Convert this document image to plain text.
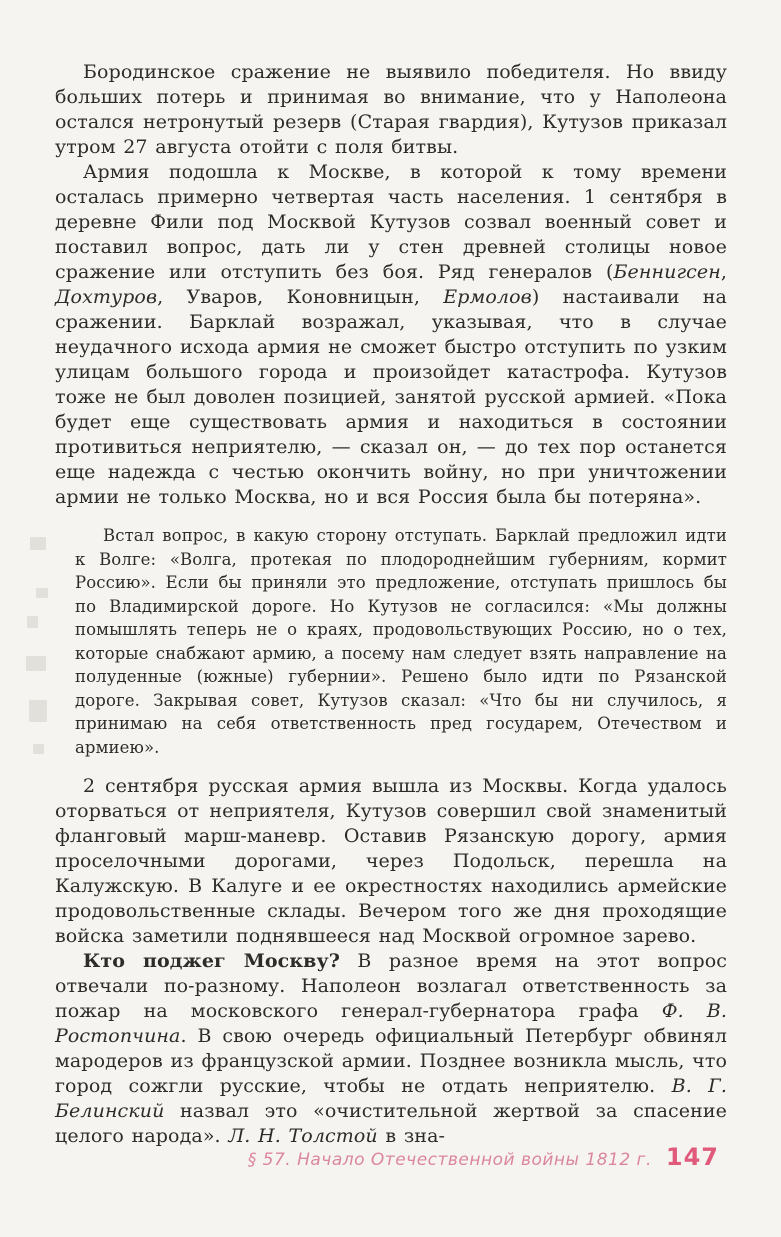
Бородинское сражение не выявило победителя. Но ввиду больших потерь и принимая во внимание, что у Наполеона остался нетронутый резерв (Старая гвардия), Кутузов приказал утром 27 августа отойти с поля битвы.

Армия подошла к Москве, в которой к тому времени осталась примерно четвертая часть населения. 1 сентября в деревне Фили под Москвой Кутузов созвал военный совет и поставил вопрос, дать ли у стен древней столицы новое сражение или отступить без боя. Ряд генералов (Беннигсен, Дохтуров, Уваров, Коновницын, Ермолов) настаивали на сражении. Барклай возражал, указывая, что в случае неудачного исхода армия не сможет быстро отступить по узким улицам большого города и произойдет катастрофа. Кутузов тоже не был доволен позицией, занятой русской армией. «Пока будет еще существовать армия и находиться в состоянии противиться неприятелю, — сказал он, — до тех пор останется еще надежда с честью окончить войну, но при уничтожении армии не только Москва, но и вся Россия была бы потеряна».

Встал вопрос, в какую сторону отступать. Барклай предложил идти к Волге: «Волга, протекая по плодороднейшим губерниям, кормит Россию». Если бы приняли это предложение, отступать пришлось бы по Владимирской дороге. Но Кутузов не согласился: «Мы должны помышлять теперь не о краях, продовольствующих Россию, но о тех, которые снабжают армию, а посему нам следует взять направление на полуденные (южные) губернии». Решено было идти по Рязанской дороге. Закрывая совет, Кутузов сказал: «Что бы ни случилось, я принимаю на себя ответственность пред государем, Отечеством и армиею».

2 сентября русская армия вышла из Москвы. Когда удалось оторваться от неприятеля, Кутузов совершил свой знаменитый фланговый марш-маневр. Оставив Рязанскую дорогу, армия проселочными дорогами, через Подольск, перешла на Калужскую. В Калуге и ее окрестностях находились армейские продовольственные склады. Вечером того же дня проходящие войска заметили поднявшееся над Москвой огромное зарево.

Кто поджег Москву? В разное время на этот вопрос отвечали по-разному. Наполеон возлагал ответственность за пожар на московского генерал-губернатора графа Ф. В. Ростопчина. В свою очередь официальный Петербург обвинял мародеров из французской армии. Позднее возникла мысль, что город сожгли русские, чтобы не отдать неприятелю. В. Г. Белинский назвал это «очистительной жертвой за спасение целого народа». Л. Н. Толстой в зна-

§ 57. Начало Отечественной войны 1812 г. 147
